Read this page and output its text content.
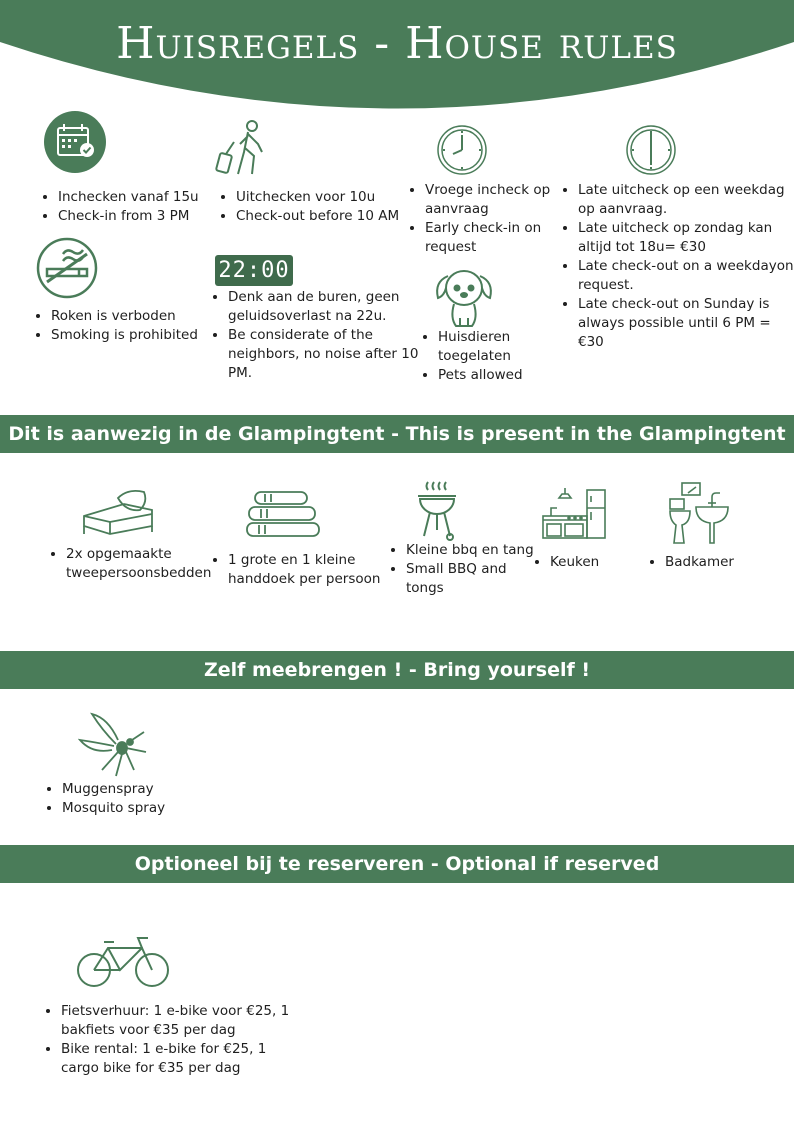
Huisregels - House rules
• Inchecken vanaf 15u
• Check-in from 3 PM
• Uitchecken voor 10u
• Check-out before 10 AM
• Vroege incheck op aanvraag
• Early check-in on request
• Late uitcheck op een weekdag op aanvraag.
• Late uitcheck op zondag kan altijd tot 18u= €30
• Late check-out on a weekdayon request.
• Late check-out on Sunday is always possible until 6 PM = €30
• Roken is verboden
• Smoking is prohibited
22:00
• Denk aan de buren, geen geluidsoverlast na 22u.
• Be considerate of the neighbors, no noise after 10 PM.
• Huisdieren toegelaten
• Pets allowed
Dit is aanwezig in de Glampingtent - This is present in the Glampingtent
• 2x opgemaakte tweepersoonsbedden
• 1 grote en 1 kleine handdoek per persoon
• Kleine bbq en tang
• Small BBQ and tongs
• Keuken
•	Badkamer
Zelf meebrengen ! - Bring yourself !
• Muggenspray
• Mosquito spray
Optioneel bij te reserveren - Optional if reserved
• Fietsverhuur: 1 e-bike voor €25, 1 bakfiets voor €35 per dag
• Bike rental: 1 e-bike for €25, 1 cargo bike for €35 per dag
